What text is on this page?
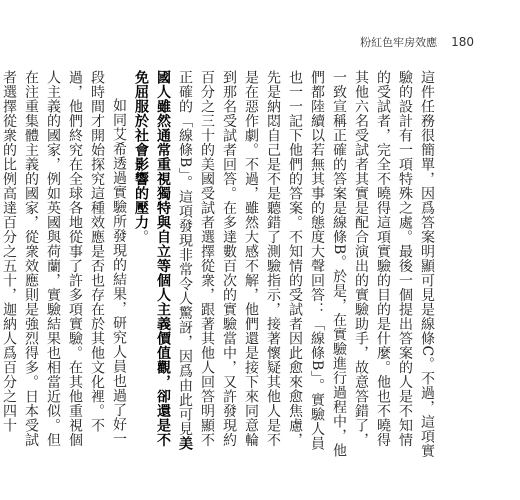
粉紅色牢房效應 180

這件任務很簡單，因爲答案明顯可見是線條C。不過，這項實驗的設計有一項特殊之處。最後一個提出答案的人是不知情的受試者，完全不曉得這項實驗的目的是什麼。他也不曉得其他六名受試者其實是配合演出的實驗助手，故意答錯了，一致宣稱正確的答案是線條B。於是，在實驗進行過程中，他們都陸續以若無其事的態度大聲回答：「線條B」。實驗人員也一一記下他們的答案。不知情的受試者因此愈來愈焦慮，先是納悶自己是不是聽錯了測驗指示，接著懷疑其他人是不是在惡作劇。不過，雖然大感不解，他們還是接下來同意輪到那名受試者回答。在多達數百次的實驗當中，又許發現約百分之三十的美國受試者選擇從衆，跟著其他人回答明顯不正確的「線條B」。這項發現非常令人驚訝，因爲由此可見美國人雖然通常重視獨特與自立等個人主義價值觀，卻還是不免屈服於社會影響的壓力。

如同艾希透過實驗所發現的結果，研究人員也過了好一段時間才開始探究這種效應是否也存在於其他文化裡。不過，他們終究在全球各地從事了許多項實驗。在其他重視個人主義的國家，例如英國與荷蘭，實驗結果也相當近似。但在注重集體主義的國家，從衆效應則是強烈得多。日本受試者選擇從衆的比例高達百分之五十，迦納人爲百分之四十
